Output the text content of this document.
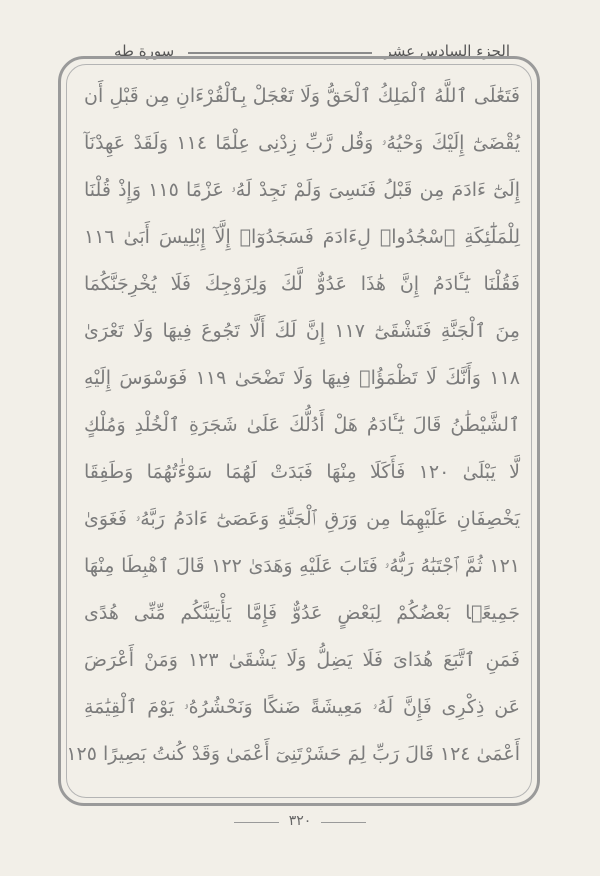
سورة طه	الجزء السادس عشر
فَتَعَٰلَى ٱللَّهُ ٱلْمَلِكُ ٱلْحَقُّ وَلَا تَعْجَلْ بِٱلْقُرْءَانِ مِن قَبْلِ أَن
يُقْضَىٰٓ إِلَيْكَ وَحْيُهُۥ وَقُل رَّبِّ زِدْنِى عِلْمًا ١١٤ وَلَقَدْ عَهِدْنَآ
إِلَىٰٓ ءَادَمَ مِن قَبْلُ فَنَسِىَ وَلَمْ نَجِدْ لَهُۥ عَزْمًا ١١٥ وَإِذْ قُلْنَا
لِلْمَلَٰٓئِكَةِ ٱسْجُدُوا۟ لِءَادَمَ فَسَجَدُوٓا۟ إِلَّآ إِبْلِيسَ أَبَىٰ ١١٦
فَقُلْنَا يَٰٓـَٔادَمُ إِنَّ هَٰذَا عَدُوٌّ لَّكَ وَلِزَوْجِكَ فَلَا يُخْرِجَنَّكُمَا
مِنَ ٱلْجَنَّةِ فَتَشْقَىٰٓ ١١٧ إِنَّ لَكَ أَلَّا تَجُوعَ فِيهَا وَلَا تَعْرَىٰ
١١٨ وَأَنَّكَ لَا تَظْمَؤُا۟ فِيهَا وَلَا تَضْحَىٰ ١١٩ فَوَسْوَسَ إِلَيْهِ
ٱلشَّيْطَٰنُ قَالَ يَٰٓـَٔادَمُ هَلْ أَدُلُّكَ عَلَىٰ شَجَرَةِ ٱلْخُلْدِ وَمُلْكٍ
لَّا يَبْلَىٰ ١٢٠ فَأَكَلَا مِنْهَا فَبَدَتْ لَهُمَا سَوْءَٰتُهُمَا وَطَفِقَا
يَخْصِفَانِ عَلَيْهِمَا مِن وَرَقِ ٱلْجَنَّةِ وَعَصَىٰٓ ءَادَمُ رَبَّهُۥ فَغَوَىٰ
١٢١ ثُمَّ ٱجْتَبَٰهُ رَبُّهُۥ فَتَابَ عَلَيْهِ وَهَدَىٰ ١٢٢ قَالَ ٱهْبِطَا مِنْهَا
جَمِيعًۢا بَعْضُكُمْ لِبَعْضٍ عَدُوٌّ فَإِمَّا يَأْتِيَنَّكُم مِّنِّى هُدًى
فَمَنِ ٱتَّبَعَ هُدَاىَ فَلَا يَضِلُّ وَلَا يَشْقَىٰ ١٢٣ وَمَنْ أَعْرَضَ
عَن ذِكْرِى فَإِنَّ لَهُۥ مَعِيشَةً ضَنكًا وَنَحْشُرُهُۥ يَوْمَ ٱلْقِيَٰمَةِ
أَعْمَىٰ ١٢٤ قَالَ رَبِّ لِمَ حَشَرْتَنِىٓ أَعْمَىٰ وَقَدْ كُنتُ بَصِيرًا ١٢٥
٣٢٠
